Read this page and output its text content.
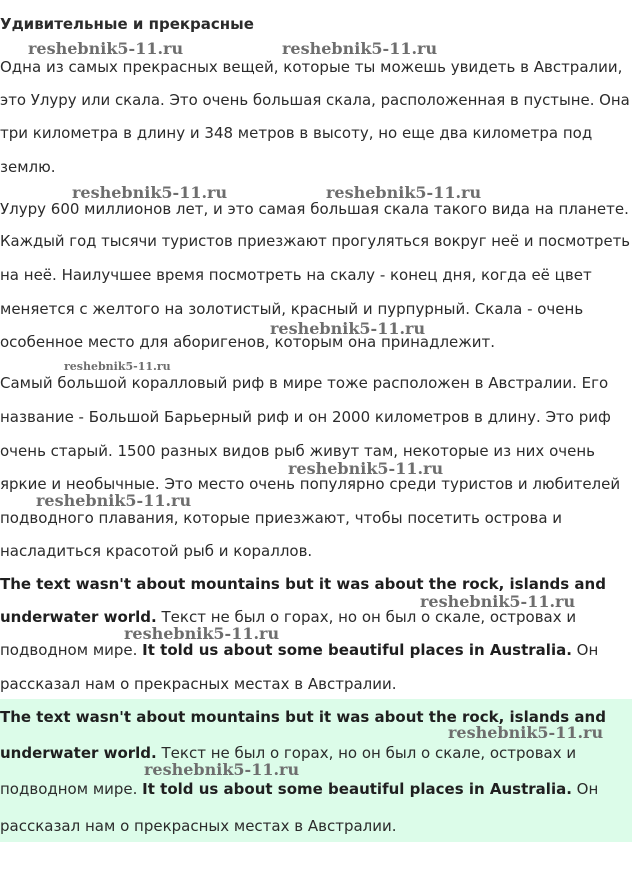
Удивительные и прекрасные
reshebnik5-11.ru	reshebnik5-11.ru
reshebnik5-11.ru	reshebnik5-11.ru
reshebnik5-11.ru
reshebnik5-11.ru
reshebnik5-11.ru
reshebnik5-11.ru
reshebnik5-11.ru
reshebnik5-11.ru
Одна из самых прекрасных вещей, которые ты можешь увидеть в Австралии,
это Улуру или скала. Это очень большая скала, расположенная в пустыне. Она
три километра в длину и 348 метров в высоту, но еще два километра под
землю.
Улуру 600 миллионов лет, и это самая большая скала такого вида на планете.
Каждый год тысячи туристов приезжают прогуляться вокруг неё и посмотреть
на неё. Наилучшее время посмотреть на скалу - конец дня, когда её цвет
меняется с желтого на золотистый, красный и пурпурный. Скала - очень
особенное место для аборигенов, которым она принадлежит.
Самый большой коралловый риф в мире тоже расположен в Австралии. Его
название - Большой Барьерный риф и он 2000 километров в длину. Это риф
очень старый. 1500 разных видов рыб живут там, некоторые из них очень
яркие и необычные. Это место очень популярно среди туристов и любителей
подводного плавания, которые приезжают, чтобы посетить острова и
насладиться красотой рыб и кораллов.
The text wasn't about mountains but it was about the rock, islands and
underwater world. Текст не был о горах, но он был о скале, островах и
подводном мире. It told us about some beautiful places in Australia. Он
рассказал нам о прекрасных местах в Австралии.
reshebnik5-11.ru
reshebnik5-11.ru
The text wasn't about mountains but it was about the rock, islands and
underwater world. Текст не был о горах, но он был о скале, островах и
подводном мире. It told us about some beautiful places in Australia. Он
рассказал нам о прекрасных местах в Австралии.
